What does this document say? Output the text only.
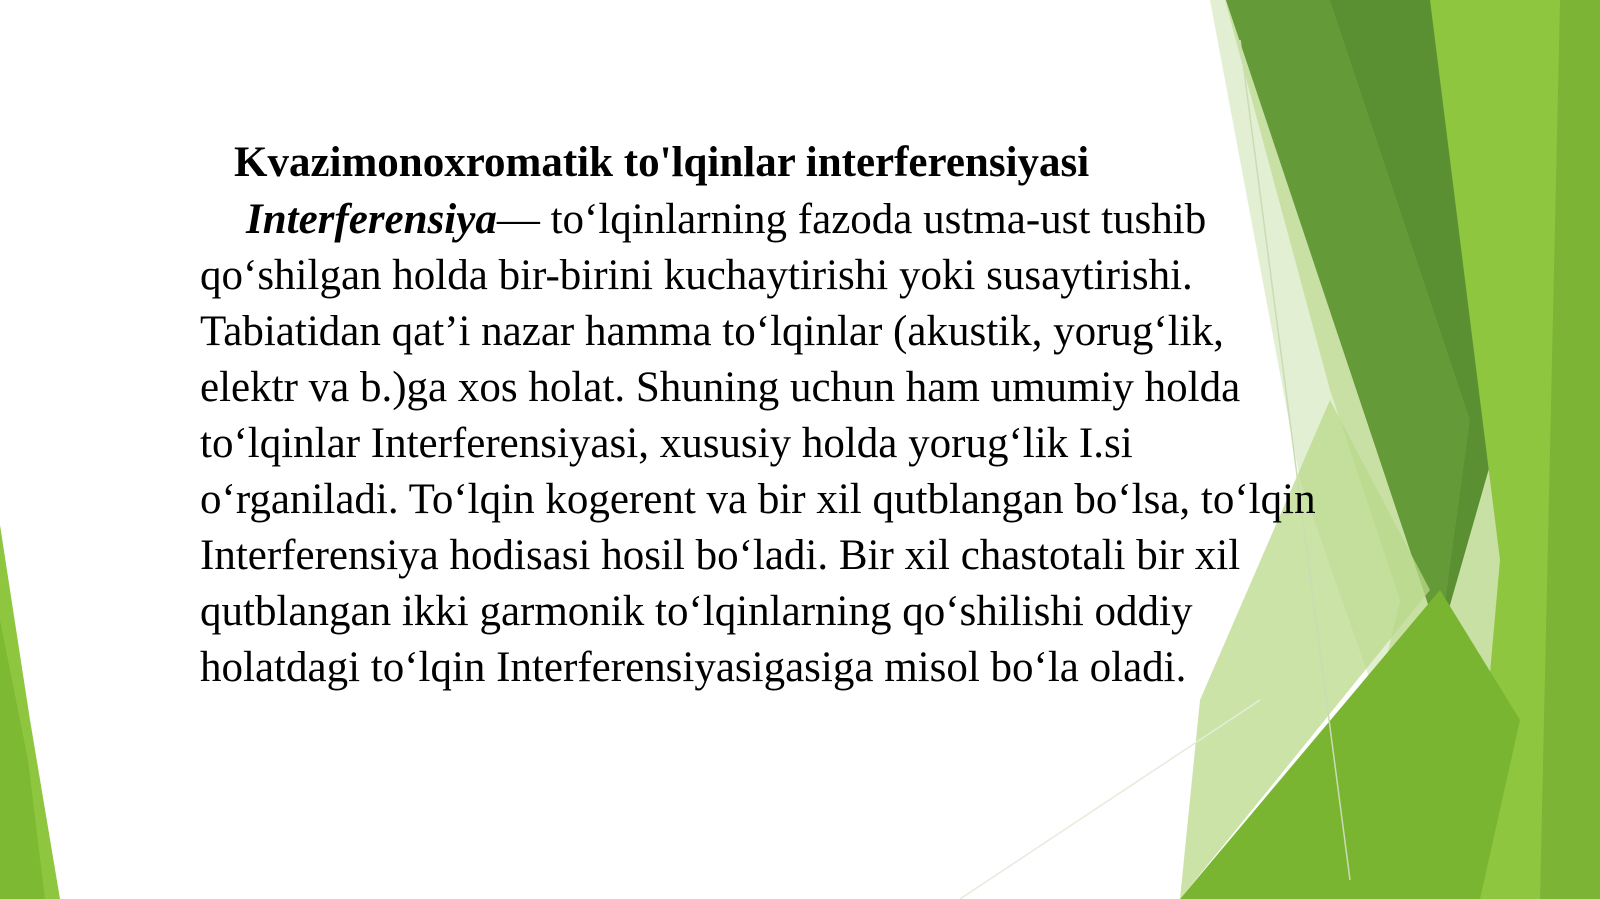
Kvazimonoxromatik to'lqinlar interferensiyasi

Interferensiya— to‘lqinlarning fazoda ustma-ust tushib qo‘shilgan holda bir-birini kuchaytirishi yoki susaytirishi. Tabiatidan qat’i nazar hamma to‘lqinlar (akustik, yorug‘lik, elektr va b.)ga xos holat. Shuning uchun ham umumiy holda to‘lqinlar Interferensiyasi, xususiy holda yorug‘lik I.si o‘rganiladi. To‘lqin kogerent va bir xil qutblangan bo‘lsa, to‘lqin Interferensiya hodisasi hosil bo‘ladi. Bir xil chastotali bir xil qutblangan ikki garmonik to‘lqinlarning qo‘shilishi oddiy holatdagi to‘lqin Interferensiyasigasiga misol bo‘la oladi.
